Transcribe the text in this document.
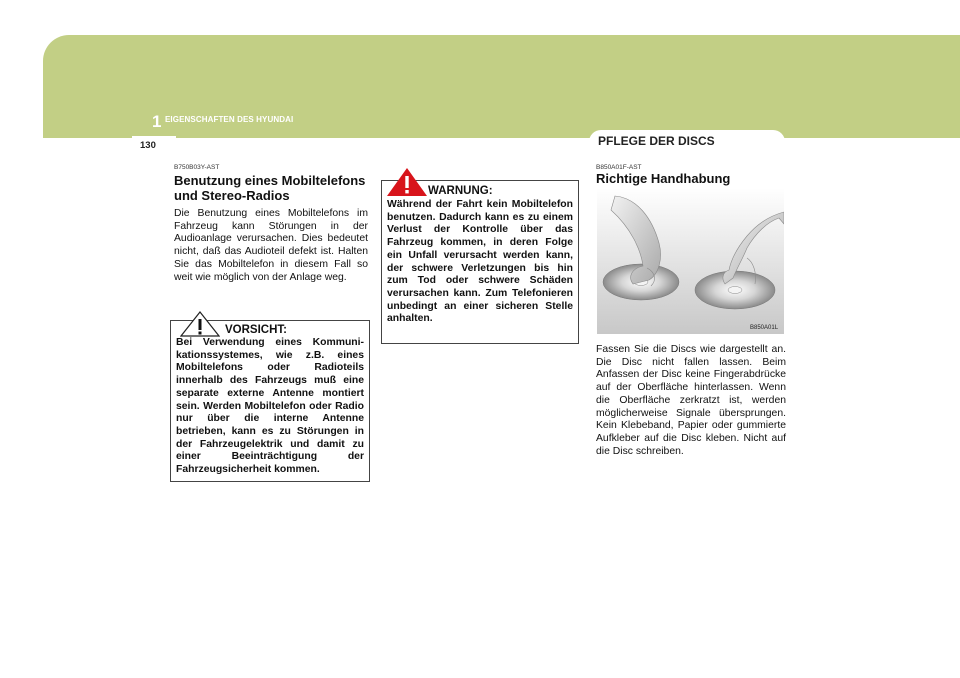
1 EIGENSCHAFTEN DES HYUNDAI
130	PFLEGE DER DISCS
B750B03Y-AST
Benutzung eines Mobiltelefons und Stereo-Radios
Die Benutzung eines Mobiltelefons im Fahrzeug kann Störungen in der Audioanlage verursachen. Dies bedeutet nicht, daß das Audioteil defekt ist. Halten Sie das Mobiltelefon in diesem Fall so weit wie möglich von der Anlage weg.
VORSICHT:
Bei Verwendung eines Kommuni-kationssystemes, wie z.B. eines Mobiltelefons oder Radioteils innerhalb des Fahrzeugs muß eine separate externe Antenne montiert sein. Werden Mobiltelefon oder Radio nur über die interne Antenne betrieben, kann es zu Störungen in der Fahrzeugelektrik und damit zu einer Beeinträchtigung der Fahrzeugsicherheit kommen.
WARNUNG:
Während der Fahrt kein Mobiltelefon benutzen. Dadurch kann es zu einem Verlust der Kontrolle über das Fahrzeug kommen, in deren Folge ein Unfall verursacht werden kann, der schwere Verletzungen bis hin zum Tod oder schwere Schäden verursachen kann. Zum Telefonieren unbedingt an einer sicheren Stelle anhalten.
B850A01F-AST
Richtige Handhabung
B850A01L
Fassen Sie die Discs wie dargestellt an. Die Disc nicht fallen lassen. Beim Anfassen der Disc keine Fingerabdrücke auf der Oberfläche hinterlassen. Wenn die Oberfläche zerkratzt ist, werden möglicherweise Signale übersprungen. Kein Klebeband, Papier oder gummierte Aufkleber auf die Disc kleben. Nicht auf die Disc schreiben.
